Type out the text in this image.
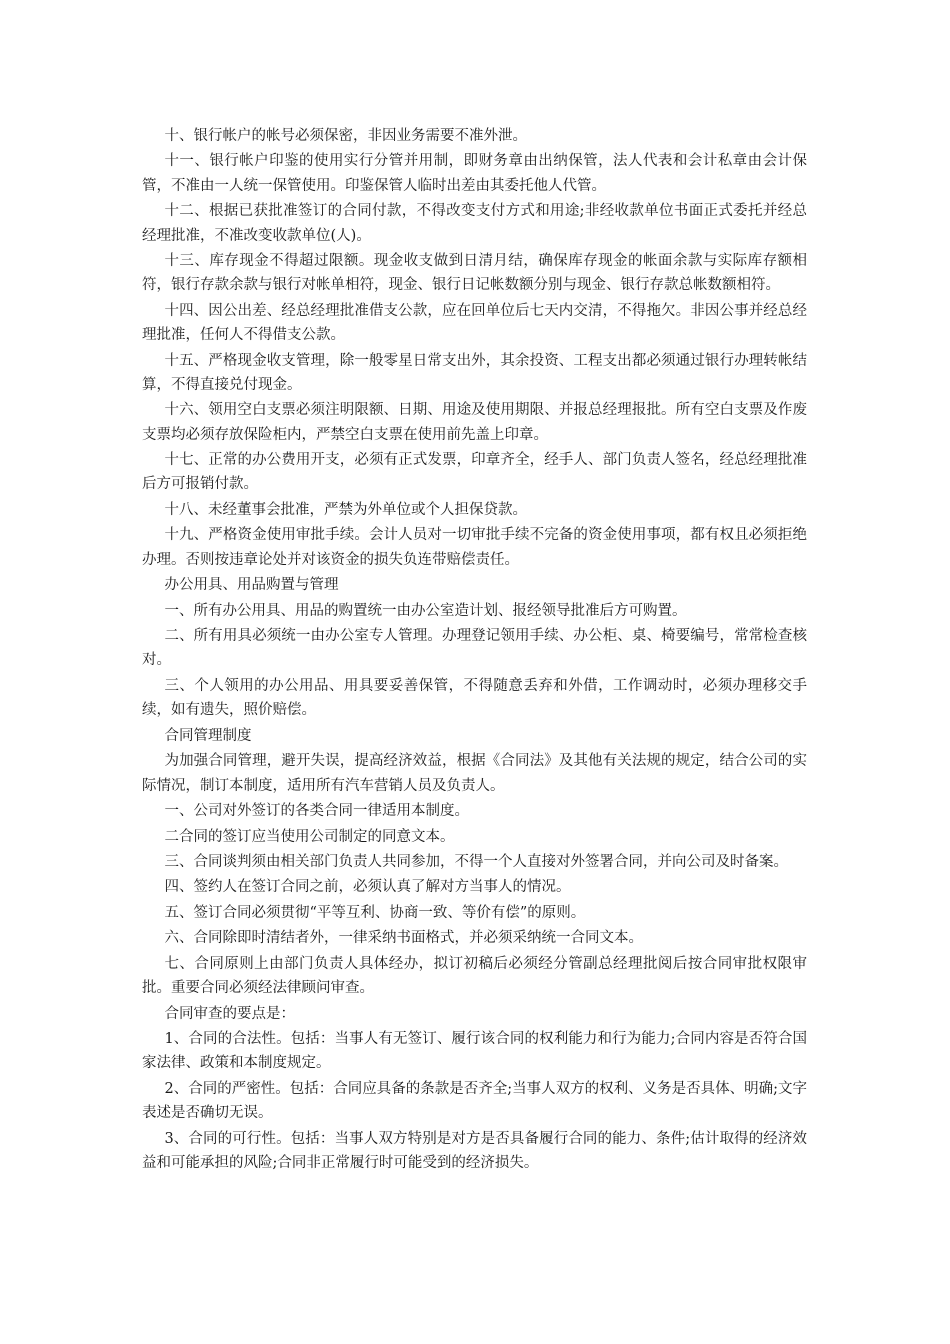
十、银行帐户的帐号必须保密，非因业务需要不准外泄。

十一、银行帐户印鉴的使用实行分管并用制，即财务章由出纳保管，法人代表和会计私章由会计保管，不准由一人统一保管使用。印鉴保管人临时出差由其委托他人代管。

十二、根据已获批准签订的合同付款，不得改变支付方式和用途;非经收款单位书面正式委托并经总经理批准，不准改变收款单位(人)。

十三、库存现金不得超过限额。现金收支做到日清月结，确保库存现金的帐面余款与实际库存额相符，银行存款余款与银行对帐单相符，现金、银行日记帐数额分别与现金、银行存款总帐数额相符。

十四、因公出差、经总经理批准借支公款，应在回单位后七天内交清，不得拖欠。非因公事并经总经理批准，任何人不得借支公款。

十五、严格现金收支管理，除一般零星日常支出外，其余投资、工程支出都必须通过银行办理转帐结算，不得直接兑付现金。

十六、领用空白支票必须注明限额、日期、用途及使用期限、并报总经理报批。所有空白支票及作废支票均必须存放保险柜内，严禁空白支票在使用前先盖上印章。

十七、正常的办公费用开支，必须有正式发票，印章齐全，经手人、部门负责人签名，经总经理批准后方可报销付款。

十八、未经董事会批准，严禁为外单位或个人担保贷款。

十九、严格资金使用审批手续。会计人员对一切审批手续不完备的资金使用事项，都有权且必须拒绝办理。否则按违章论处并对该资金的损失负连带赔偿责任。

办公用具、用品购置与管理

一、所有办公用具、用品的购置统一由办公室造计划、报经领导批准后方可购置。

二、所有用具必须统一由办公室专人管理。办理登记领用手续、办公柜、桌、椅要编号，常常检查核对。

三、个人领用的办公用品、用具要妥善保管，不得随意丢弃和外借，工作调动时，必须办理移交手续，如有遗失，照价赔偿。

合同管理制度

为加强合同管理，避开失误，提高经济效益，根据《合同法》及其他有关法规的规定，结合公司的实际情况，制订本制度，适用所有汽车营销人员及负责人。

一、公司对外签订的各类合同一律适用本制度。

二合同的签订应当使用公司制定的同意文本。

三、合同谈判须由相关部门负责人共同参加，不得一个人直接对外签署合同，并向公司及时备案。

四、签约人在签订合同之前，必须认真了解对方当事人的情况。

五、签订合同必须贯彻“平等互利、协商一致、等价有偿”的原则。

六、合同除即时清结者外，一律采纳书面格式，并必须采纳统一合同文本。

七、合同原则上由部门负责人具体经办，拟订初稿后必须经分管副总经理批阅后按合同审批权限审批。重要合同必须经法律顾问审查。

合同审查的要点是：

1、合同的合法性。包括：当事人有无签订、履行该合同的权利能力和行为能力;合同内容是否符合国家法律、政策和本制度规定。

2、合同的严密性。包括：合同应具备的条款是否齐全;当事人双方的权利、义务是否具体、明确;文字表述是否确切无误。

3、合同的可行性。包括：当事人双方特别是对方是否具备履行合同的能力、条件;估计取得的经济效益和可能承担的风险;合同非正常履行时可能受到的经济损失。
